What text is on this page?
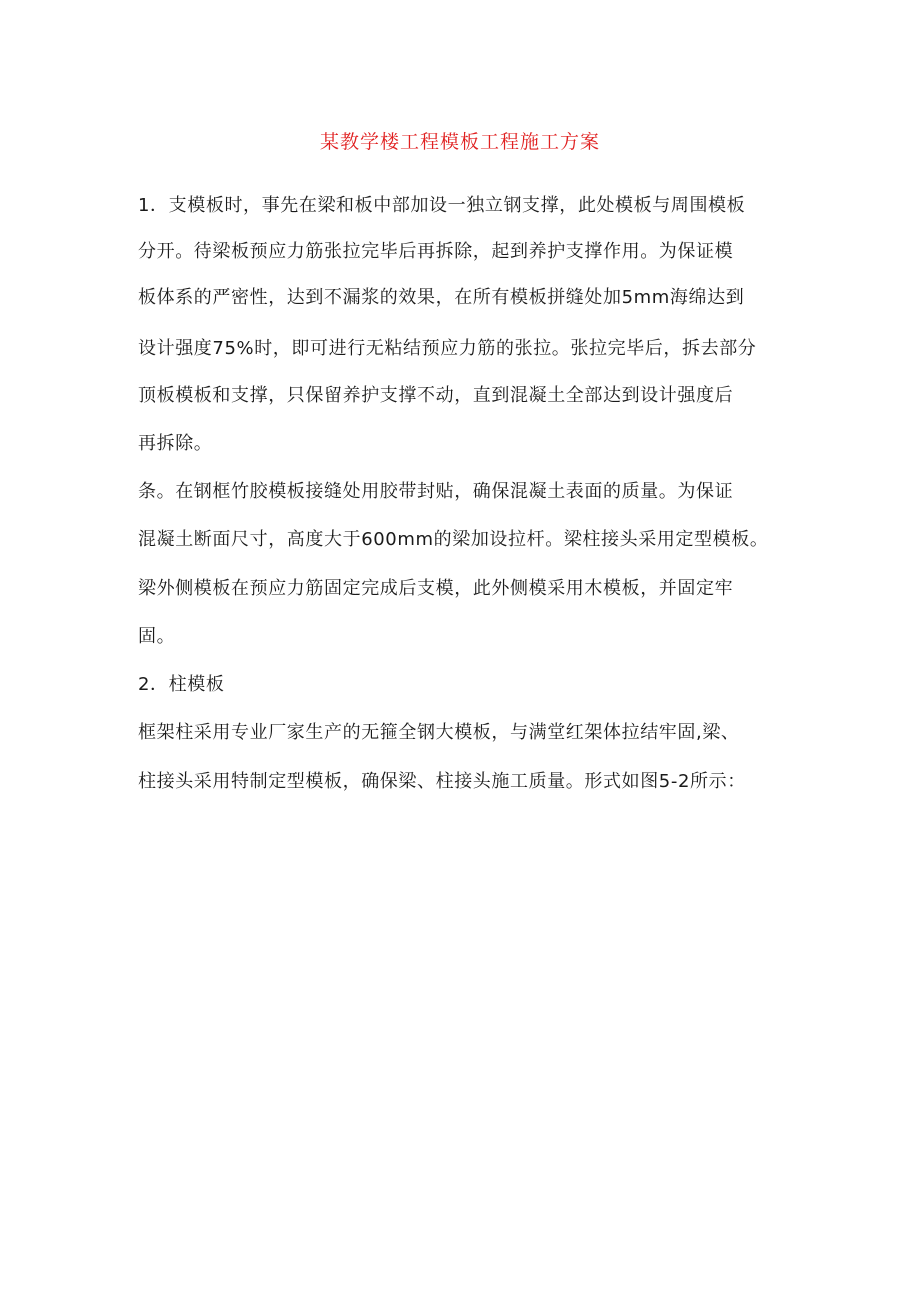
某教学楼工程模板工程施工方案
1．支模板时，事先在梁和板中部加设一独立钢支撑，此处模板与周围模板
分开。待梁板预应力筋张拉完毕后再拆除，起到养护支撑作用。为保证模
板体系的严密性，达到不漏浆的效果，在所有模板拼缝处加5mm海绵达到
设计强度75%时，即可进行无粘结预应力筋的张拉。张拉完毕后，拆去部分
顶板模板和支撑，只保留养护支撑不动，直到混凝土全部达到设计强度后
再拆除。
条。在钢框竹胶模板接缝处用胶带封贴，确保混凝土表面的质量。为保证
混凝土断面尺寸，高度大于600mm的梁加设拉杆。梁柱接头采用定型模板。
梁外侧模板在预应力筋固定完成后支模，此外侧模采用木模板，并固定牢
固。
2．柱模板
框架柱采用专业厂家生产的无箍全钢大模板，与满堂红架体拉结牢固,梁、
柱接头采用特制定型模板，确保梁、柱接头施工质量。形式如图5-2所示：
